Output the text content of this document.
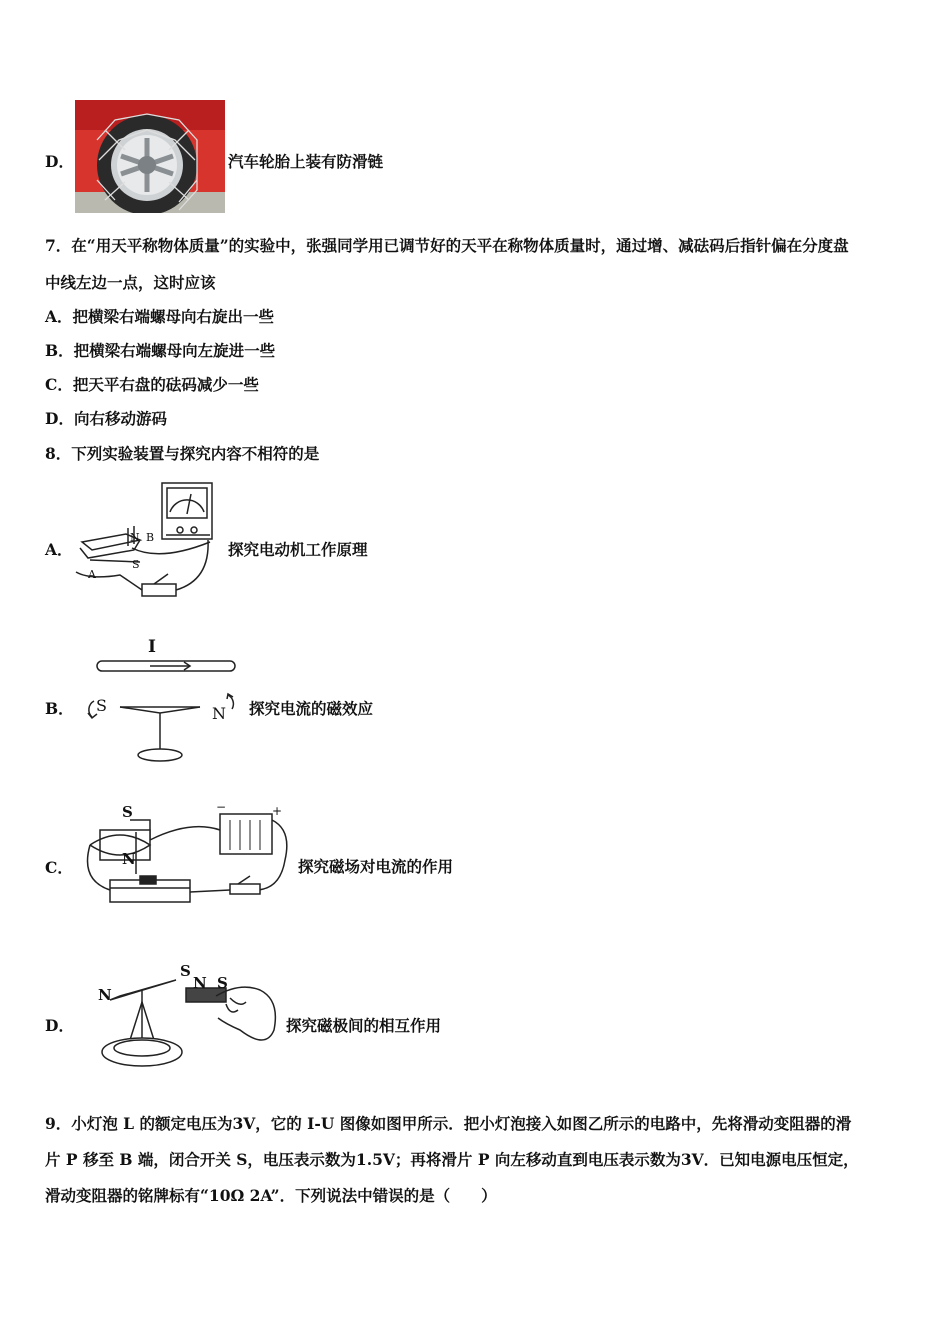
D．	汽车轮胎上装有防滑链
7．在“用天平称物体质量”的实验中，张强同学用已调节好的天平在称物体质量时，通过增、减砝码后指针偏在分度盘
中线左边一点，这时应该
A．把横梁右端螺母向右旋出一些
B．把横梁右端螺母向左旋进一些
C．把天平右盘的砝码减少一些
D．向右移动游码
8．下列实验装置与探究内容不相符的是
A．
N B
A
S
探究电动机工作原理
B．
I
S	N 探究电流的磁效应
C．
S
N
−	+
探究磁场对电流的作用
D．
N
S
N S
探究磁极间的相互作用
9．小灯泡 L 的额定电压为3V，它的 I-U 图像如图甲所示．把小灯泡接入如图乙所示的电路中，先将滑动变阻器的滑
片 P 移至 B 端，闭合开关 S，电压表示数为1.5V；再将滑片 P 向左移动直到电压表示数为3V．已知电源电压恒定，
滑动变阻器的铭牌标有“10Ω 2A”．下列说法中错误的是（　　）
